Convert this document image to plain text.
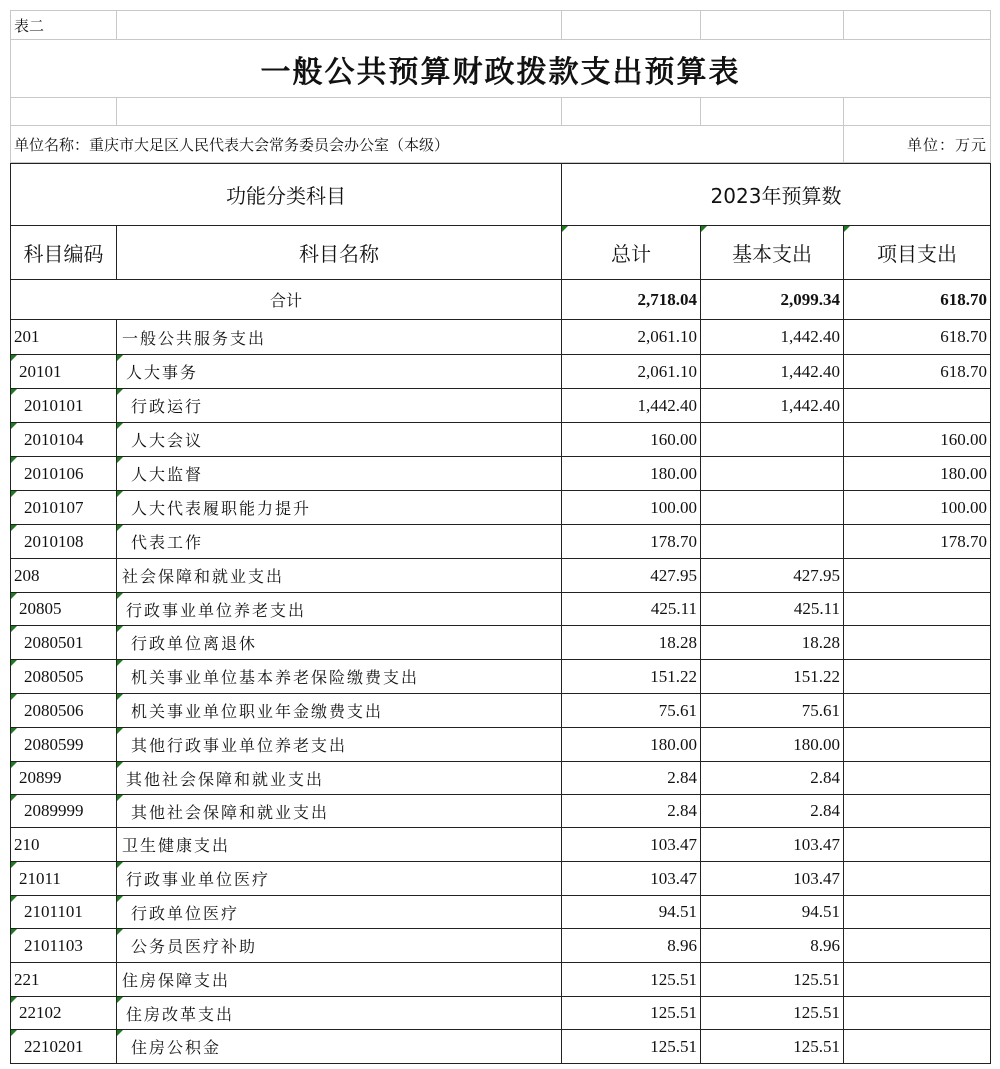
表二				
一般公共预算财政拨款支出预算表				

单位名称：重庆市大足区人民代表大会常务委员会办公室（本级）				单位：万元
功能分类科目		2023年预算数		
科目编码	科目名称	总计	基本支出	项目支出
合计		2,718.04	2,099.34	618.70
201	一般公共服务支出	2,061.10	1,442.40	618.70
20101	人大事务	2,061.10	1,442.40	618.70
2010101	行政运行	1,442.40	1,442.40	
2010104	人大会议	160.00		160.00
2010106	人大监督	180.00		180.00
2010107	人大代表履职能力提升	100.00		100.00
2010108	代表工作	178.70		178.70
208	社会保障和就业支出	427.95	427.95	
20805	行政事业单位养老支出	425.11	425.11	
2080501	行政单位离退休	18.28	18.28	
2080505	机关事业单位基本养老保险缴费支出	151.22	151.22	
2080506	机关事业单位职业年金缴费支出	75.61	75.61	
2080599	其他行政事业单位养老支出	180.00	180.00	
20899	其他社会保障和就业支出	2.84	2.84	
2089999	其他社会保障和就业支出	2.84	2.84	
210	卫生健康支出	103.47	103.47	
21011	行政事业单位医疗	103.47	103.47	
2101101	行政单位医疗	94.51	94.51	
2101103	公务员医疗补助	8.96	8.96	
221	住房保障支出	125.51	125.51	
22102	住房改革支出	125.51	125.51	
2210201	住房公积金	125.51	125.51	
